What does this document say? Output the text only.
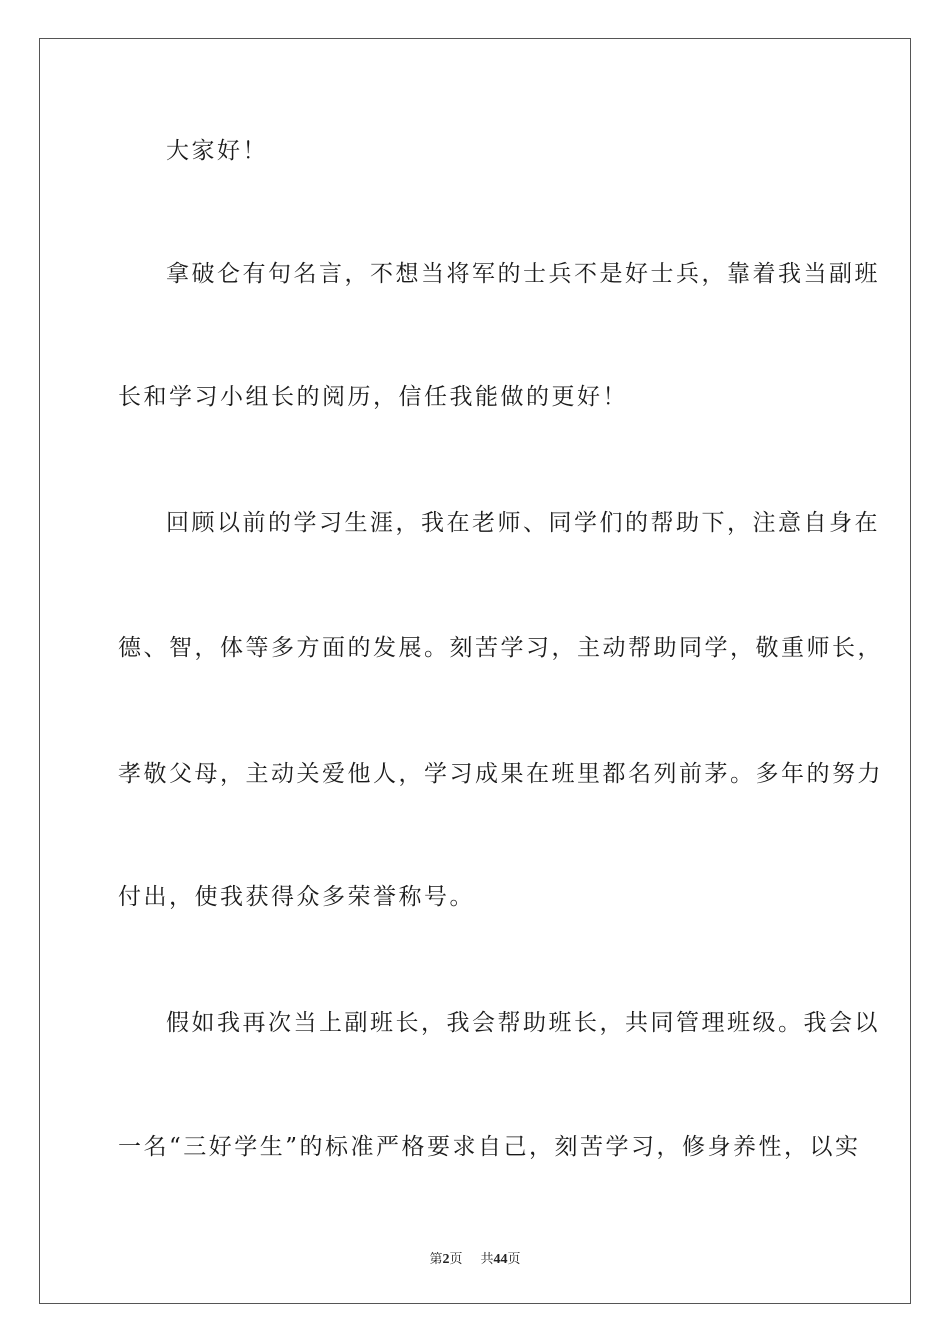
大家好！
拿破仑有句名言，不想当将军的士兵不是好士兵，靠着我当副班
长和学习小组长的阅历，信任我能做的更好！
回顾以前的学习生涯，我在老师、同学们的帮助下，注意自身在
德、智，体等多方面的发展。刻苦学习，主动帮助同学，敬重师长，
孝敬父母，主动关爱他人，学习成果在班里都名列前茅。多年的努力
付出，使我获得众多荣誉称号。
假如我再次当上副班长，我会帮助班长，共同管理班级。我会以
一名“三好学生”的标准严格要求自己，刻苦学习，修身养性，以实
第2页 共44页
